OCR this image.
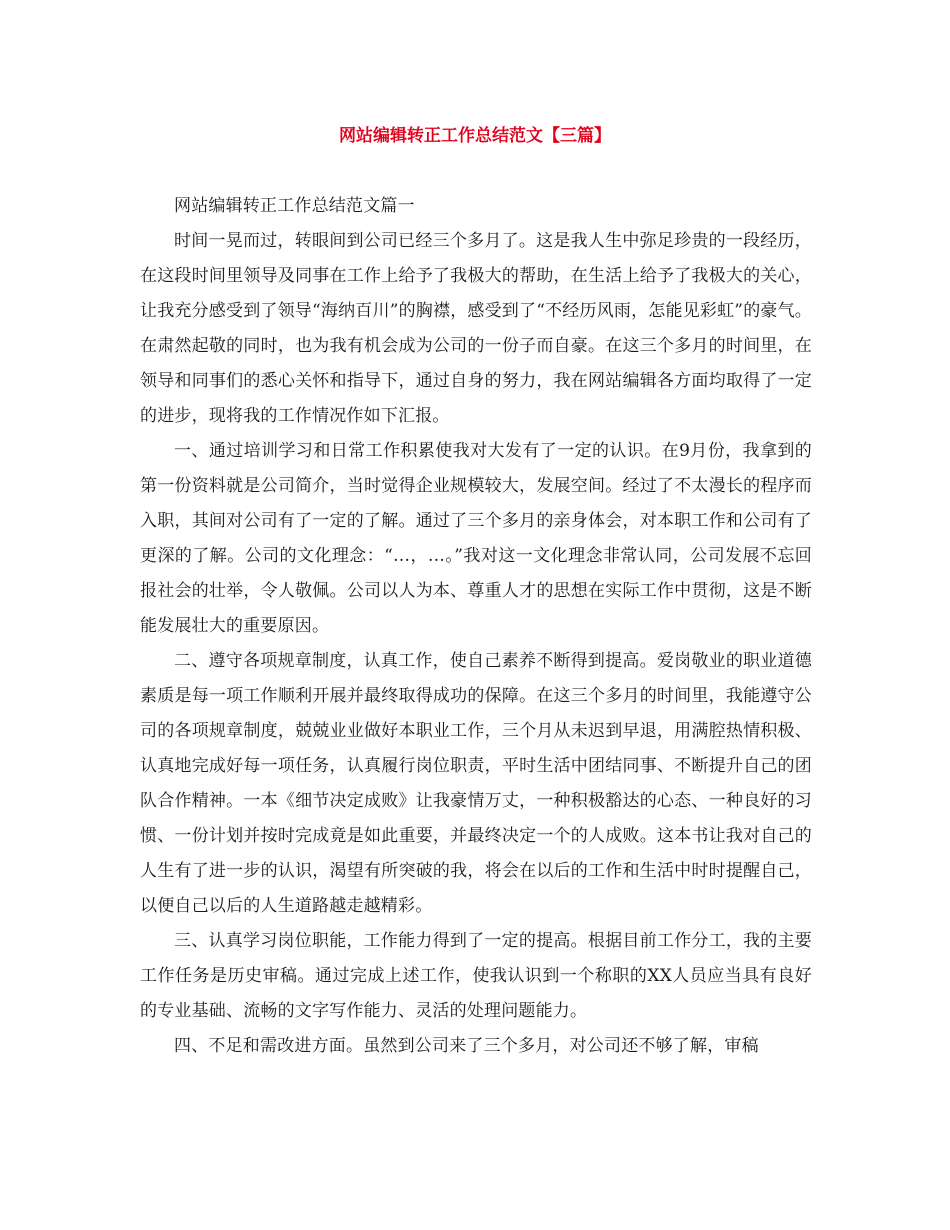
网站编辑转正工作总结范文【三篇】

网站编辑转正工作总结范文篇一

时间一晃而过，转眼间到公司已经三个多月了。这是我人生中弥足珍贵的一段经历，在这段时间里领导及同事在工作上给予了我极大的帮助，在生活上给予了我极大的关心，让我充分感受到了领导“海纳百川”的胸襟，感受到了“不经历风雨，怎能见彩虹”的豪气。在肃然起敬的同时，也为我有机会成为公司的一份子而自豪。在这三个多月的时间里，在领导和同事们的悉心关怀和指导下，通过自身的努力，我在网站编辑各方面均取得了一定的进步，现将我的工作情况作如下汇报。

一、通过培训学习和日常工作积累使我对大发有了一定的认识。在9月份，我拿到的第一份资料就是公司简介，当时觉得企业规模较大，发展空间。经过了不太漫长的程序而入职，其间对公司有了一定的了解。通过了三个多月的亲身体会，对本职工作和公司有了更深的了解。公司的文化理念：“…，…。”我对这一文化理念非常认同，公司发展不忘回报社会的壮举，令人敬佩。公司以人为本、尊重人才的思想在实际工作中贯彻，这是不断能发展壮大的重要原因。

二、遵守各项规章制度，认真工作，使自己素养不断得到提高。爱岗敬业的职业道德素质是每一项工作顺利开展并最终取得成功的保障。在这三个多月的时间里，我能遵守公司的各项规章制度，兢兢业业做好本职业工作，三个月从未迟到早退，用满腔热情积极、认真地完成好每一项任务，认真履行岗位职责，平时生活中团结同事、不断提升自己的团队合作精神。一本《细节决定成败》让我豪情万丈，一种积极豁达的心态、一种良好的习惯、一份计划并按时完成竟是如此重要，并最终决定一个的人成败。这本书让我对自己的人生有了进一步的认识，渴望有所突破的我，将会在以后的工作和生活中时时提醒自己，以便自己以后的人生道路越走越精彩。

三、认真学习岗位职能，工作能力得到了一定的提高。根据目前工作分工，我的主要工作任务是历史审稿。通过完成上述工作，使我认识到一个称职的XX人员应当具有良好的专业基础、流畅的文字写作能力、灵活的处理问题能力。

四、不足和需改进方面。虽然到公司来了三个多月，对公司还不够了解，审稿
